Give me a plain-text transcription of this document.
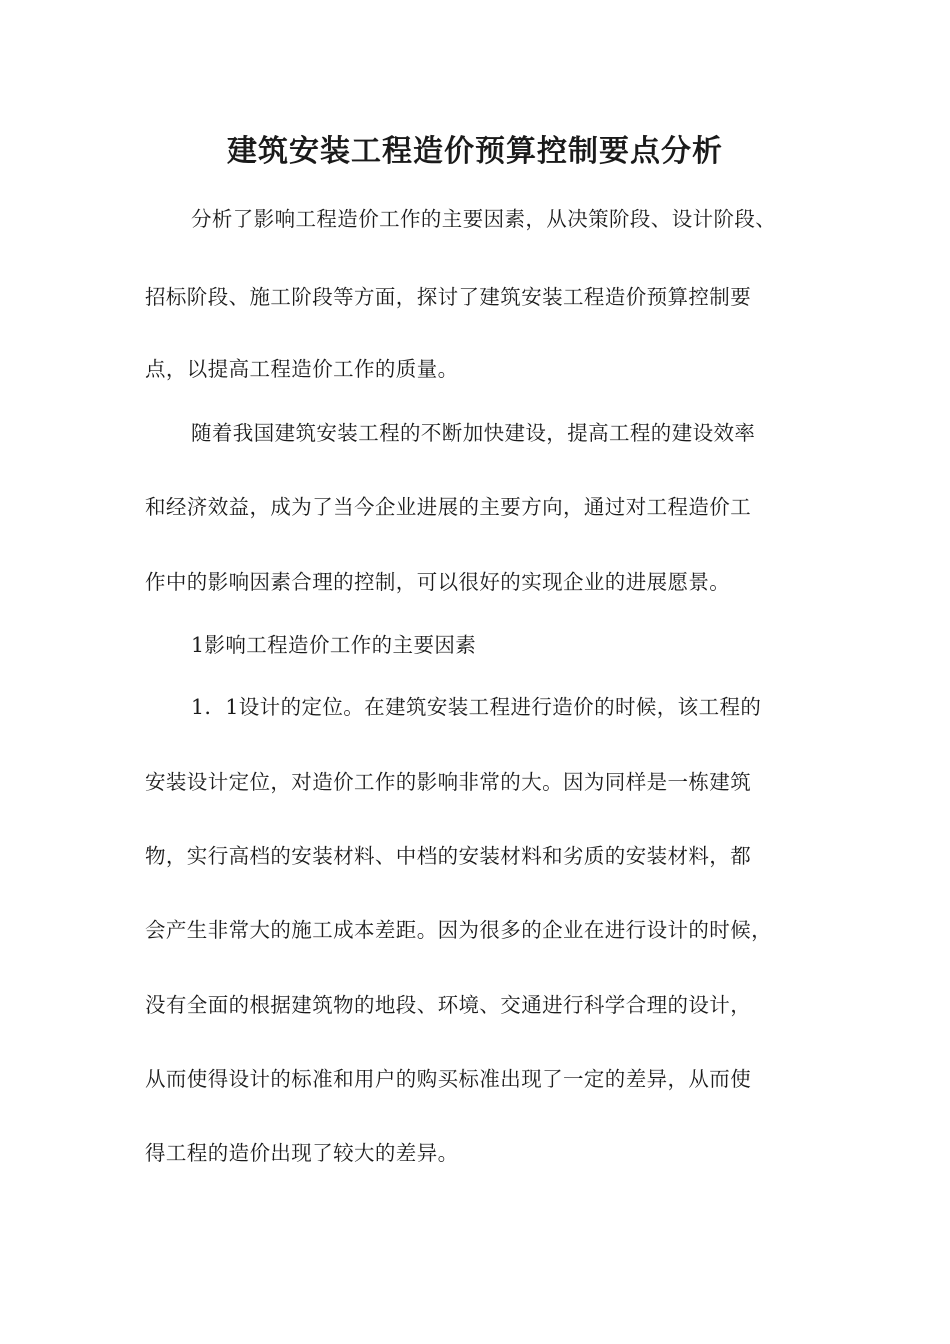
建筑安装工程造价预算控制要点分析

分析了影响工程造价工作的主要因素，从决策阶段、设计阶段、

招标阶段、施工阶段等方面，探讨了建筑安装工程造价预算控制要

点，以提高工程造价工作的质量。

随着我国建筑安装工程的不断加快建设，提高工程的建设效率

和经济效益，成为了当今企业进展的主要方向，通过对工程造价工

作中的影响因素合理的控制，可以很好的实现企业的进展愿景。

1影响工程造价工作的主要因素

1．1设计的定位。在建筑安装工程进行造价的时候，该工程的

安装设计定位，对造价工作的影响非常的大。因为同样是一栋建筑

物，实行高档的安装材料、中档的安装材料和劣质的安装材料，都

会产生非常大的施工成本差距。因为很多的企业在进行设计的时候，

没有全面的根据建筑物的地段、环境、交通进行科学合理的设计，

从而使得设计的标准和用户的购买标准出现了一定的差异，从而使

得工程的造价出现了较大的差异。
